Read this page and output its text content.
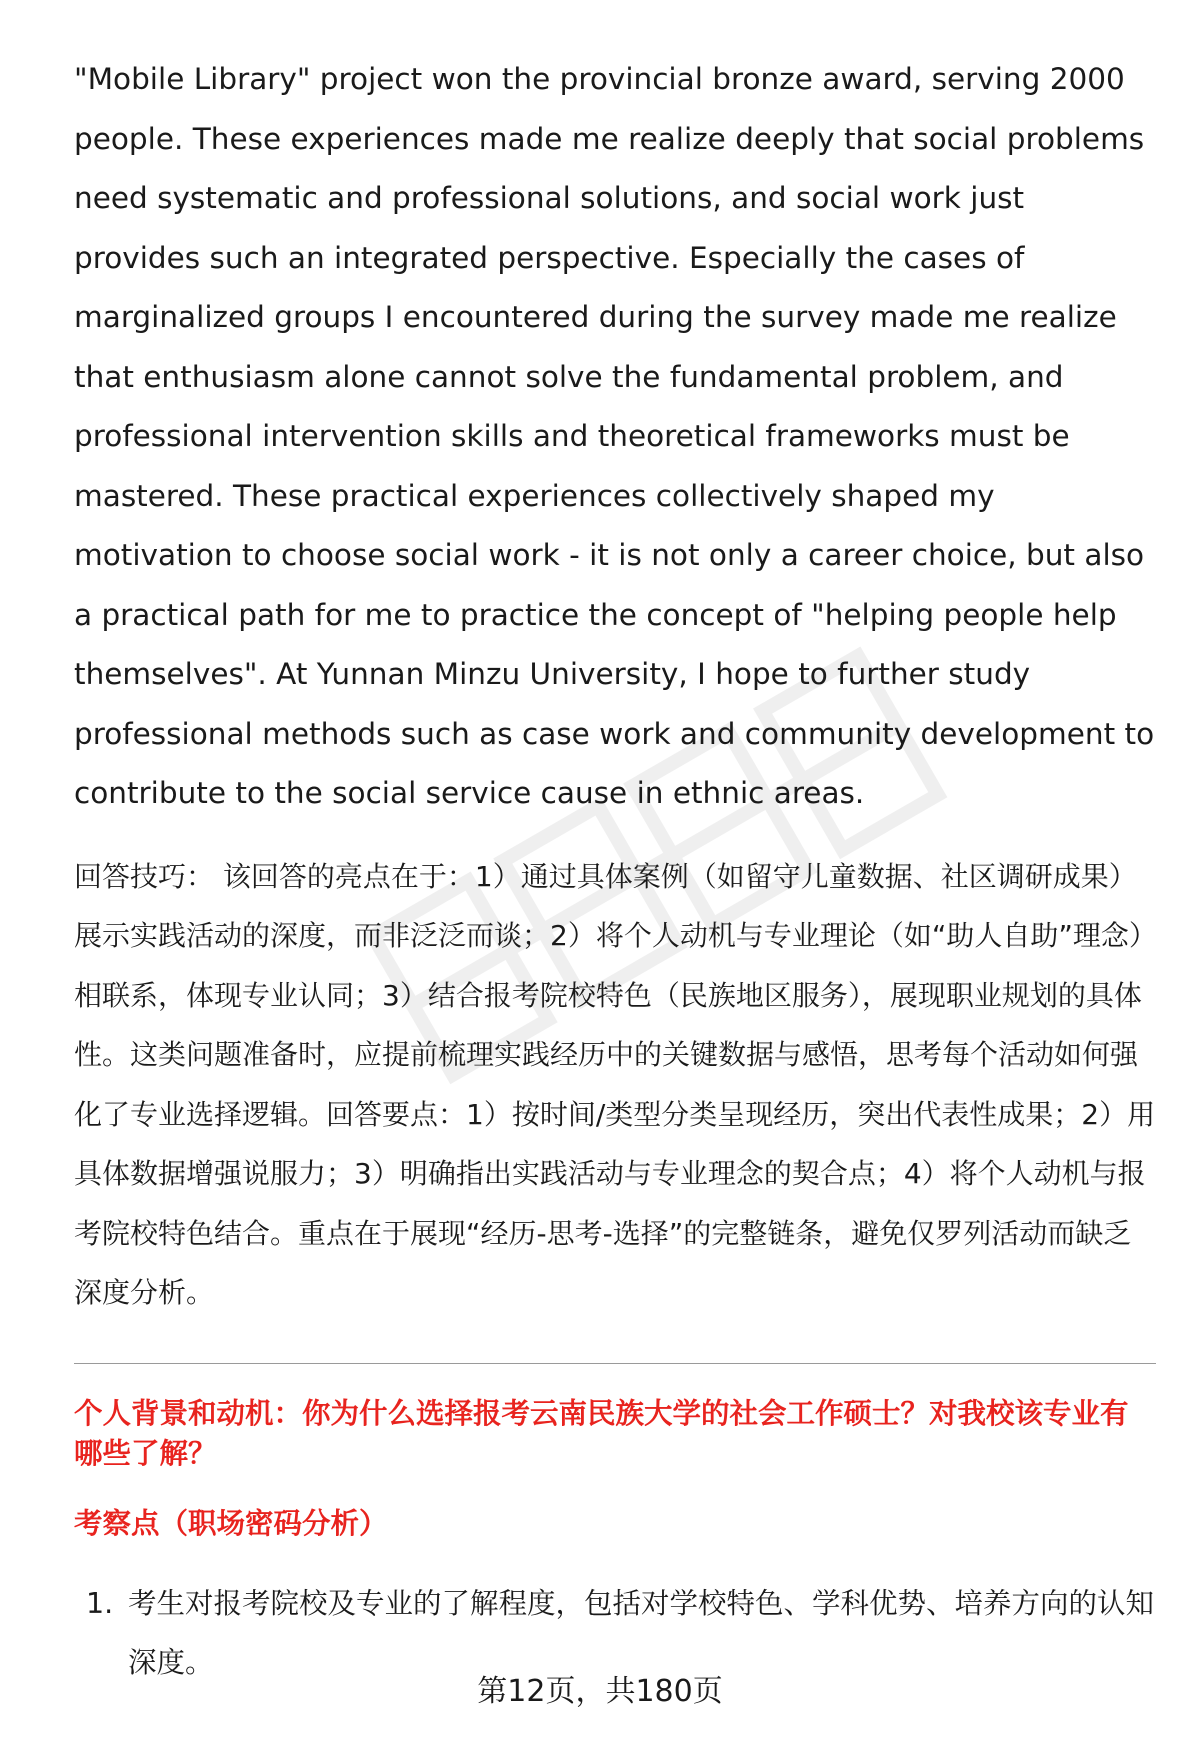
"Mobile Library" project won the provincial bronze award, serving 2000 people. These experiences made me realize deeply that social problems need systematic and professional solutions, and social work just provides such an integrated perspective. Especially the cases of marginalized groups I encountered during the survey made me realize that enthusiasm alone cannot solve the fundamental problem, and professional intervention skills and theoretical frameworks must be mastered. These practical experiences collectively shaped my motivation to choose social work - it is not only a career choice, but also a practical path for me to practice the concept of "helping people help themselves". At Yunnan Minzu University, I hope to further study professional methods such as case work and community development to contribute to the social service cause in ethnic areas.

回答技巧： 该回答的亮点在于：1）通过具体案例（如留守儿童数据、社区调研成果）展示实践活动的深度，而非泛泛而谈；2）将个人动机与专业理论（如“助人自助”理念）相联系，体现专业认同；3）结合报考院校特色（民族地区服务），展现职业规划的具体性。这类问题准备时，应提前梳理实践经历中的关键数据与感悟，思考每个活动如何强化了专业选择逻辑。回答要点：1）按时间/类型分类呈现经历，突出代表性成果；2）用具体数据增强说服力；3）明确指出实践活动与专业理念的契合点；4）将个人动机与报考院校特色结合。重点在于展现“经历-思考-选择”的完整链条，避免仅罗列活动而缺乏深度分析。

个人背景和动机：你为什么选择报考云南民族大学的社会工作硕士？对我校该专业有哪些了解？
考察点（职场密码分析）
1. 考生对报考院校及专业的了解程度，包括对学校特色、学科优势、培养方向的认知深度。
第12页，共180页
